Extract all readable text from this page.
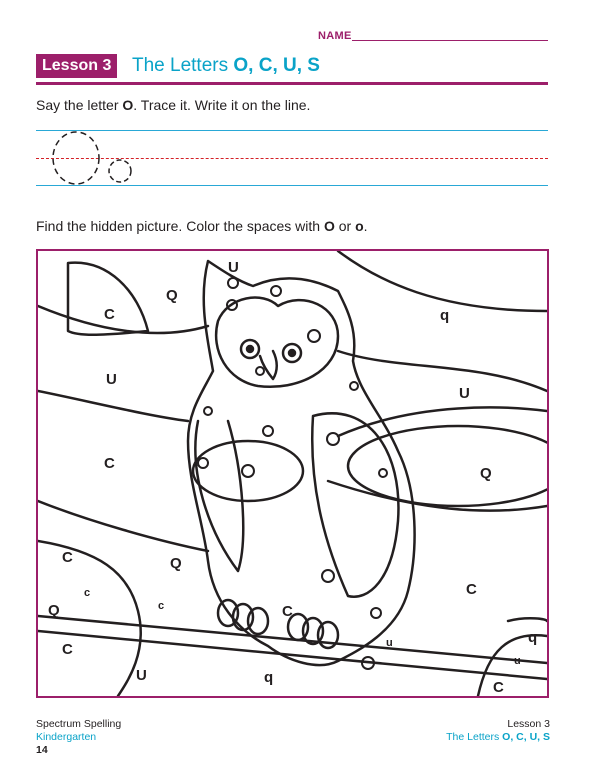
NAME
Lesson 3	The Letters O, C, U, S
Say the letter O. Trace it. Write it on the line.
Find the hidden picture. Color the spaces with O or o.
U
Q
C	q
U
U
C
Q
C	Q
C
c
c
Q
C	u	q
C
U	q
u
C
Spectrum Spelling
Kindergarten
14
Lesson 3
The Letters O, C, U, S
